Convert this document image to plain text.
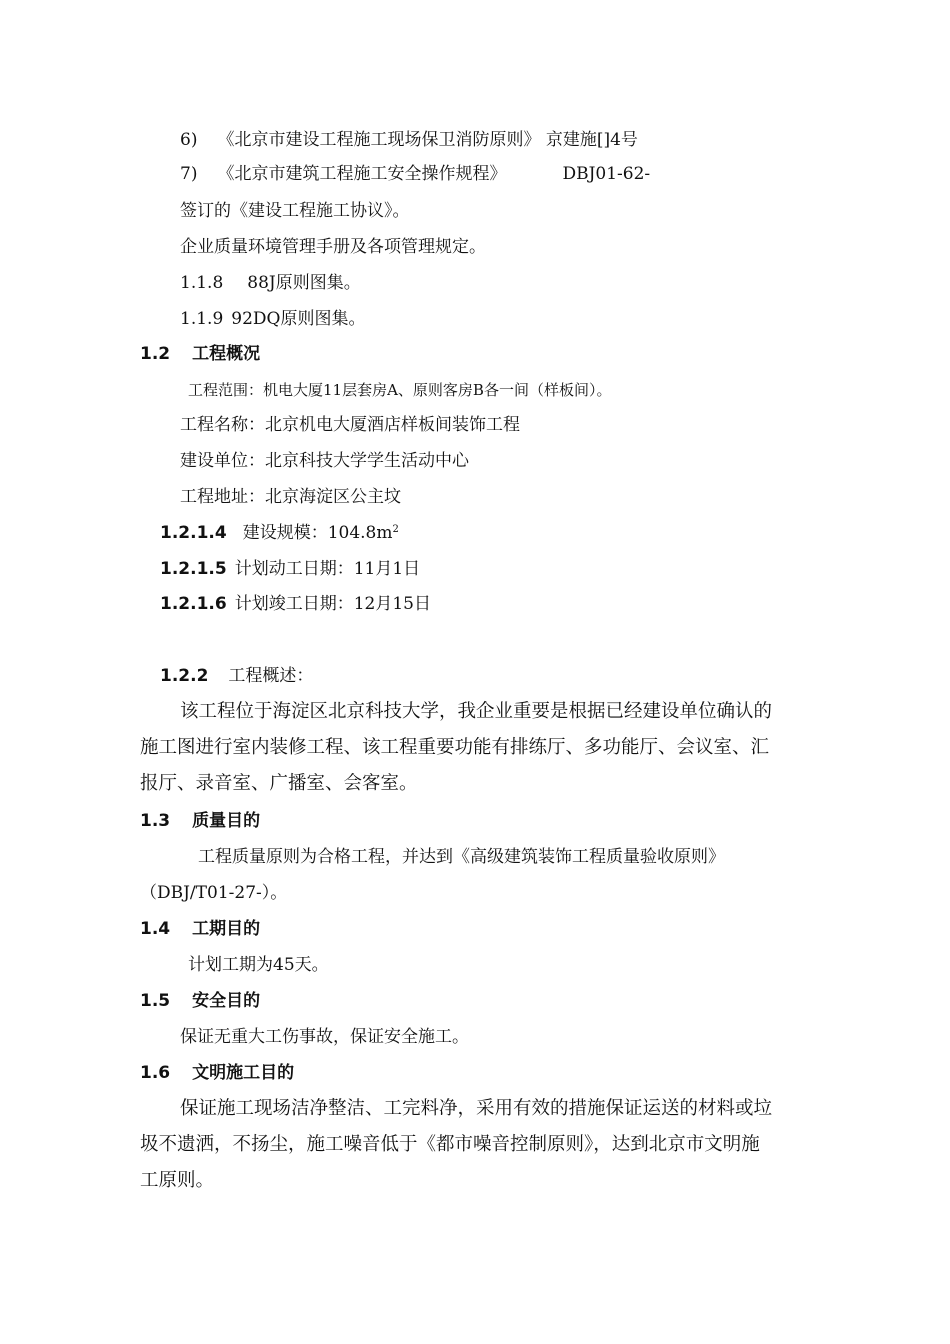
6) 《北京市建设工程施工现场保卫消防原则》 京建施[]4号
7) 《北京市建筑工程施工安全操作规程》	DBJ01-62-
签订的《建设工程施工协议》。
企业质量环境管理手册及各项管理规定。
1.1.8 88J原则图集。
1.1.9 92DQ原则图集。
1.2 工程概况
工程范围：机电大厦11层套房A、原则客房B各一间（样板间）。
工程名称：北京机电大厦酒店样板间装饰工程
建设单位：北京科技大学学生活动中心
工程地址：北京海淀区公主坟
1.2.1.4 建设规模：$104.8m^2$
1.2.1.5 计划动工日期：11月1日
1.2.1.6 计划竣工日期：12月15日
1.2.2 工程概述：
该工程位于海淀区北京科技大学，我企业重要是根据已经建设单位确认的
施工图进行室内装修工程、该工程重要功能有排练厅、多功能厅、会议室、汇
报厅、录音室、广播室、会客室。
1.3 质量目的
工程质量原则为合格工程，并达到《高级建筑装饰工程质量验收原则》
（DBJ/T01-27-）。
1.4 工期目的
计划工期为45天。
1.5 安全目的
保证无重大工伤事故，保证安全施工。
1.6 文明施工目的
保证施工现场洁净整洁、工完料净，采用有效的措施保证运送的材料或垃
圾不遗洒，不扬尘，施工噪音低于《都市噪音控制原则》，达到北京市文明施
工原则。
